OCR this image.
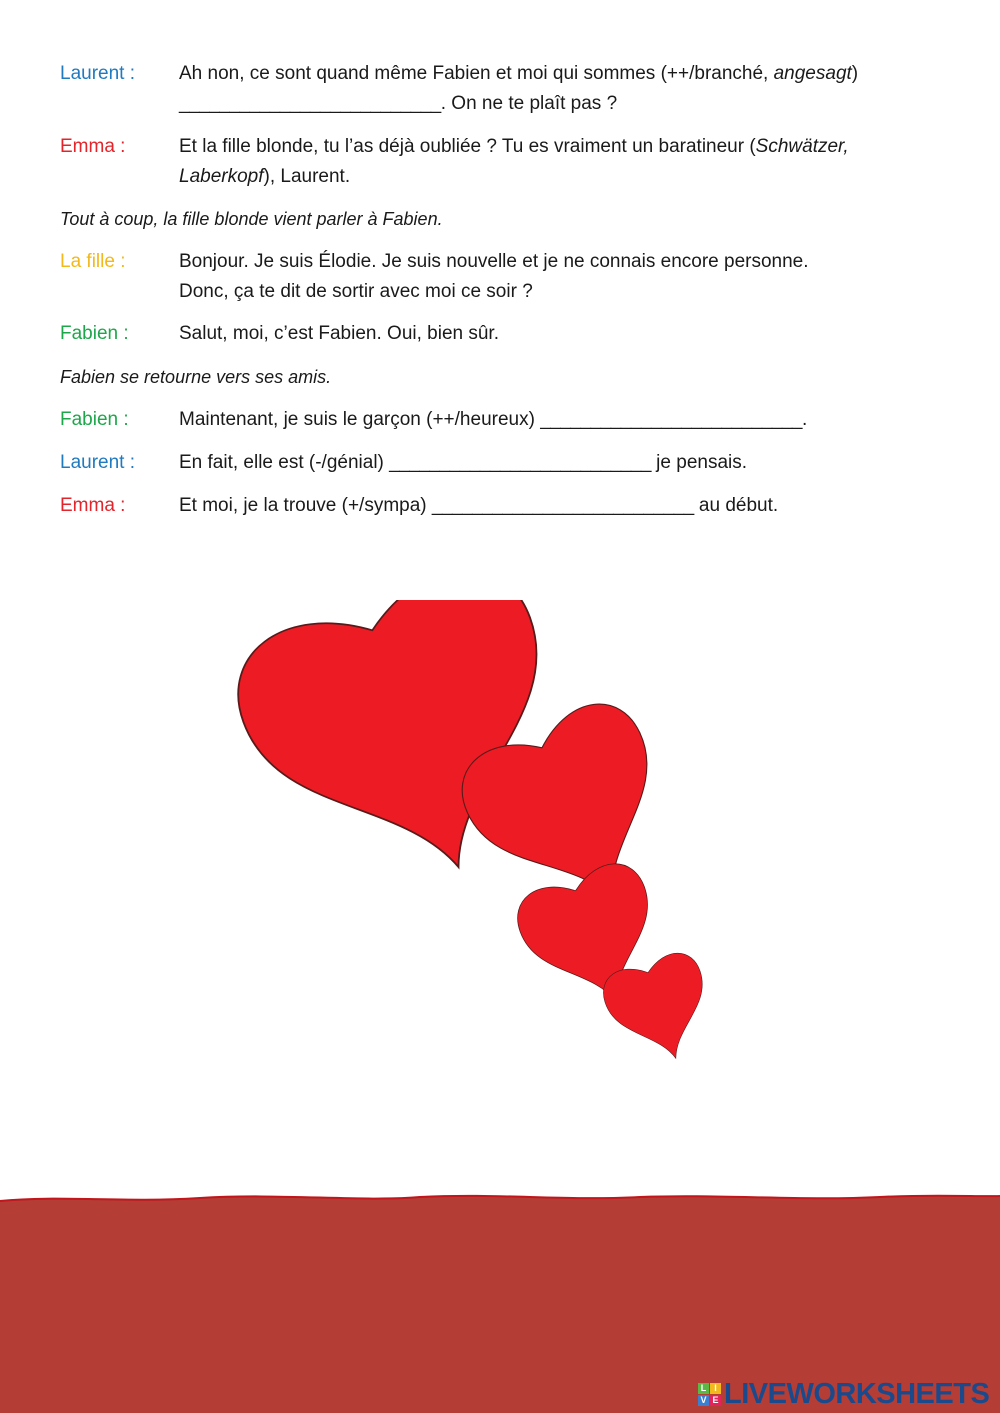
Laurent :	Ah non, ce sont quand même Fabien et moi qui sommes (++/branché, angesagt)
__________________________. On ne te plaît pas ?
Emma :	Et la fille blonde, tu l’as déjà oubliée ? Tu es vraiment un baratineur (Schwätzer,
Laberkopf), Laurent.
Tout à coup, la fille blonde vient parler à Fabien.
La fille :	Bonjour. Je suis Élodie. Je suis nouvelle et je ne connais encore personne.
Donc, ça te dit de sortir avec moi ce soir ?
Fabien :	Salut, moi, c’est Fabien. Oui, bien sûr.
Fabien se retourne vers ses amis.
Fabien :	Maintenant, je suis le garçon (++/heureux) __________________________.
Laurent :	En fait, elle est (-/génial) __________________________ je pensais.
Emma :	Et moi, je la trouve (+/sympa) __________________________ au début.
L I
V E LIVEWORKSHEETS
